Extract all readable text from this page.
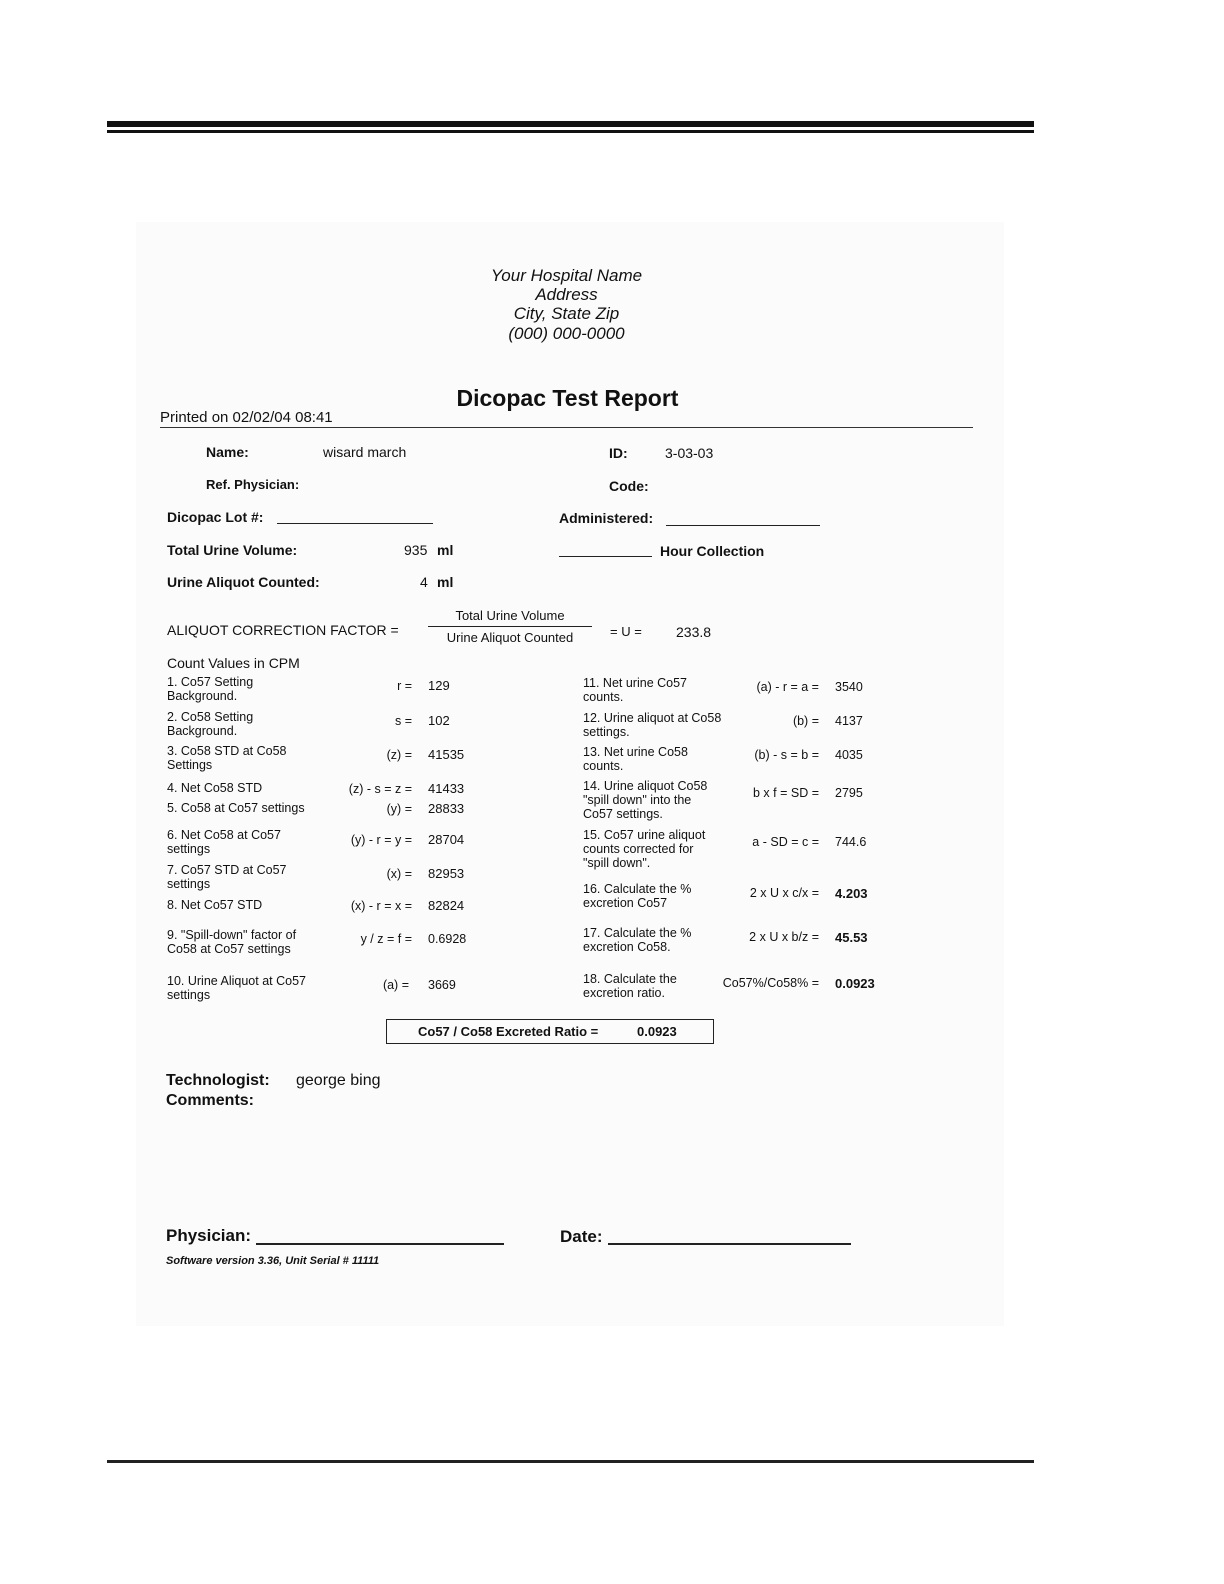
Your Hospital Name
Address
City, State Zip
(000) 000-0000
Dicopac Test Report
Printed on 02/02/04 08:41
Name:	wisard march	ID:	3-03-03
Ref. Physician:	Code:
Dicopac Lot #:	Administered:
Total Urine Volume:	935 ml	Hour Collection
Urine Aliquot Counted:	4 ml
ALIQUOT CORRECTION FACTOR =
Total Urine Volume
Urine Aliquot Counted	= U = 233.8
Count Values in CPM
1. Co57 Setting
Background.
r = 129
2. Co58 Setting
Background.
s = 102
3. Co58 STD at Co58
Settings
(z) = 41535
4. Net Co58 STD	(z) - s = z = 41433
5. Co58 at Co57 settings	(y) = 28833
6. Net Co58 at Co57
settings
(y) - r = y = 28704
7. Co57 STD at Co57
settings
(x) = 82953
8. Net Co57 STD	(x) - r = x = 82824
9. "Spill-down" factor of
Co58 at Co57 settings
y / z = f = 0.6928
10. Urine Aliquot at Co57
settings
(a) = 3669
11. Net urine Co57
counts.
(a) - r = a = 3540
12. Urine aliquot at Co58
settings.
(b) = 4137
13. Net urine Co58
counts.
(b) - s = b = 4035
14. Urine aliquot Co58
"spill down" into the
Co57 settings.
b x f = SD = 2795
15. Co57 urine aliquot
counts corrected for
"spill down".
a - SD = c = 744.6
16. Calculate the %
excretion Co57
2 x U x c/x = 4.203
17. Calculate the %
excretion Co58.
2 x U x b/z = 45.53
18. Calculate the
excretion ratio.
Co57%/Co58% = 0.0923
Co57 / Co58 Excreted Ratio =	0.0923
Technologist: george bing
Comments:
Physician:	Date:
Software version 3.36, Unit Serial # 11111
